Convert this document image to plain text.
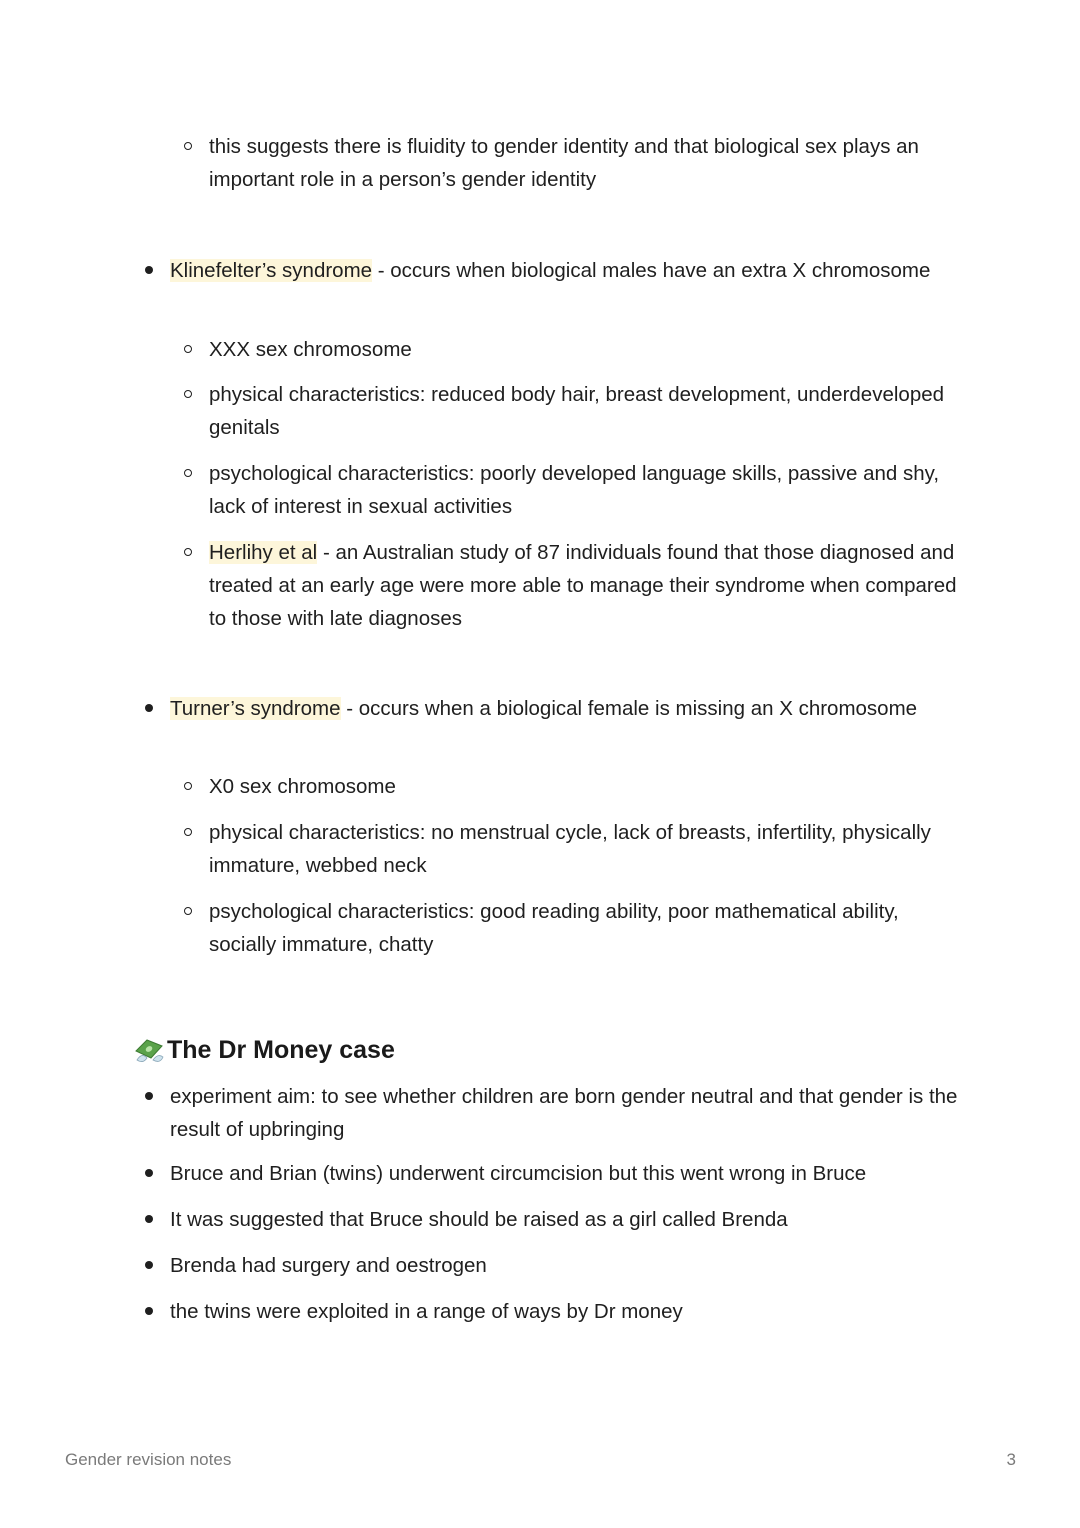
this suggests there is fluidity to gender identity and that biological sex plays an important role in a person’s gender identity
Klinefelter’s syndrome - occurs when biological males have an extra X chromosome
XXX sex chromosome
physical characteristics: reduced body hair, breast development, underdeveloped genitals
psychological characteristics: poorly developed language skills, passive and shy, lack of interest in sexual activities
Herlihy et al - an Australian study of 87 individuals found that those diagnosed and treated at an early age were more able to manage their syndrome when compared to those with late diagnoses
Turner’s syndrome - occurs when a biological female is missing an X chromosome
X0 sex chromosome
physical characteristics: no menstrual cycle, lack of breasts, infertility, physically immature, webbed neck
psychological characteristics: good reading ability, poor mathematical ability, socially immature, chatty
The Dr Money case
experiment aim: to see whether children are born gender neutral and that gender is the result of upbringing
Bruce and Brian (twins) underwent circumcision but this went wrong in Bruce
It was suggested that Bruce should be raised as a girl called Brenda
Brenda had surgery and oestrogen
the twins were exploited in a range of ways by Dr money
Gender revision notes	3
